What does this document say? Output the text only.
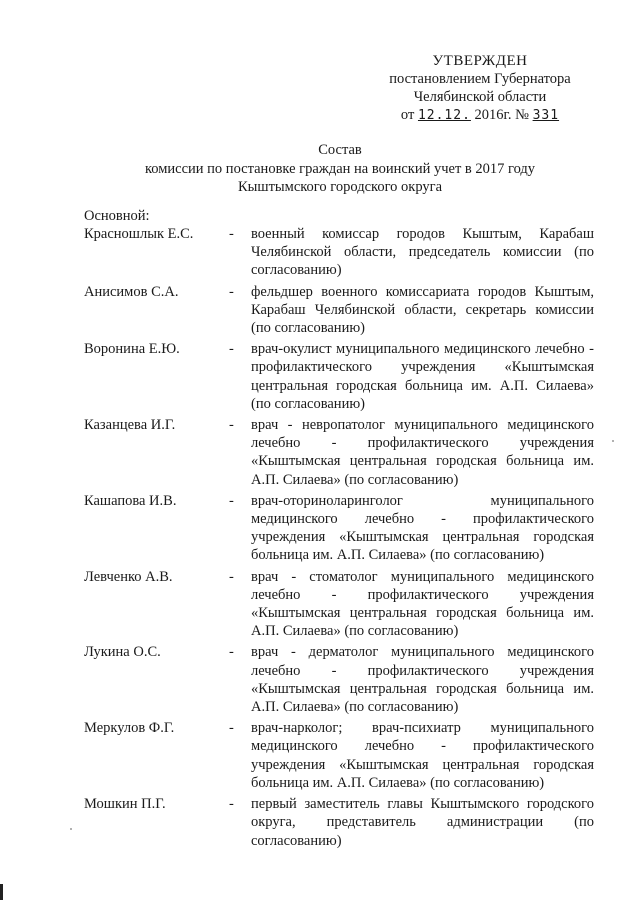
УТВЕРЖДЕН
постановлением Губернатора
Челябинской области
от 12.12. 2016г. № 331
Состав
комиссии по постановке граждан на воинский учет в 2017 году
Кыштымского городского округа
Основной:
Красношлык Е.С.	-	военный комиссар городов Кыштым, Карабаш Челябинской области, председатель комиссии (по согласованию)
Анисимов С.А.	-	фельдшер военного комиссариата городов Кыштым, Карабаш Челябинской области, секретарь комиссии (по согласованию)
Воронина Е.Ю.	-	врач-окулист муниципального медицинского лечебно - профилактического учреждения «Кыштымская центральная городская больница им. А.П. Силаева» (по согласованию)
Казанцева И.Г.	-	врач - невропатолог муниципального медицинского лечебно - профилактического учреждения «Кыштымская центральная городская больница им. А.П. Силаева» (по согласованию)
Кашапова И.В.	-	врач-оториноларинголог муниципального медицинского лечебно - профилактического учреждения «Кыштымская центральная городская больница им. А.П. Силаева» (по согласованию)
Левченко А.В.	-	врач - стоматолог муниципального медицинского лечебно - профилактического учреждения «Кыштымская центральная городская больница им. А.П. Силаева» (по согласованию)
Лукина О.С.	-	врач - дерматолог муниципального медицинского лечебно - профилактического учреждения «Кыштымская центральная городская больница им. А.П. Силаева» (по согласованию)
Меркулов Ф.Г.	-	врач-нарколог; врач-психиатр муниципального медицинского лечебно - профилактического учреждения «Кыштымская центральная городская больница им. А.П. Силаева» (по согласованию)
Мошкин П.Г.	-	первый заместитель главы Кыштымского городского округа, представитель администрации (по согласованию)
